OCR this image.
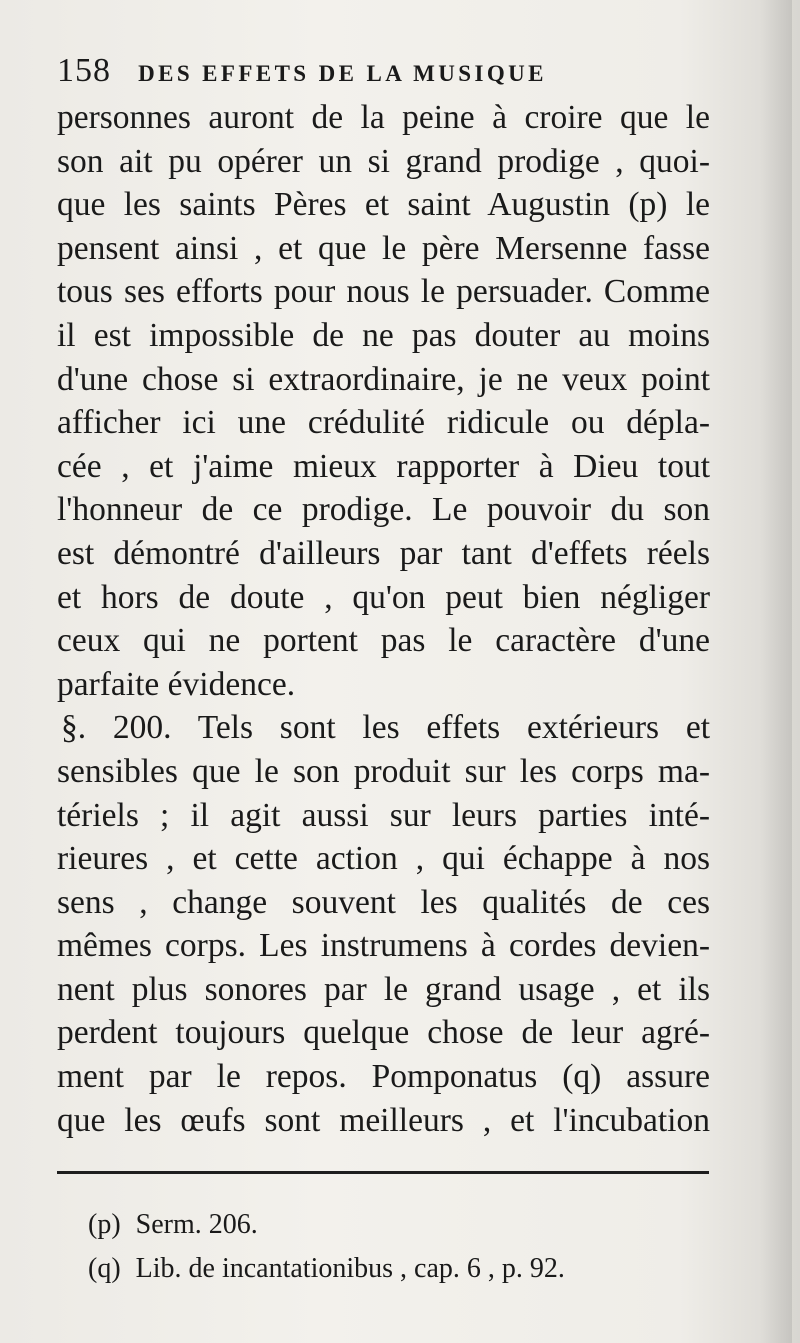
158 DES EFFETS DE LA MUSIQUE
personnes auront de la peine à croire que le
son ait pu opérer un si grand prodige , quoi-
que les saints Pères et saint Augustin (p) le
pensent ainsi , et que le père Mersenne fasse
tous ses efforts pour nous le persuader. Comme
il est impossible de ne pas douter au moins
d'une chose si extraordinaire, je ne veux point
afficher ici une crédulité ridicule ou dépla-
cée , et j'aime mieux rapporter à Dieu tout
l'honneur de ce prodige. Le pouvoir du son
est démontré d'ailleurs par tant d'effets réels
et hors de doute , qu'on peut bien négliger
ceux qui ne portent pas le caractère d'une
parfaite évidence.
§. 200. Tels sont les effets extérieurs et
sensibles que le son produit sur les corps ma-
tériels ; il agit aussi sur leurs parties inté-
rieures , et cette action , qui échappe à nos
sens , change souvent les qualités de ces
mêmes corps. Les instrumens à cordes devien-
nent plus sonores par le grand usage , et ils
perdent toujours quelque chose de leur agré-
ment par le repos. Pomponatus (q) assure
que les œufs sont meilleurs , et l'incubation
(p) Serm. 206.
(q) Lib. de incantationibus , cap. 6 , p. 92.
